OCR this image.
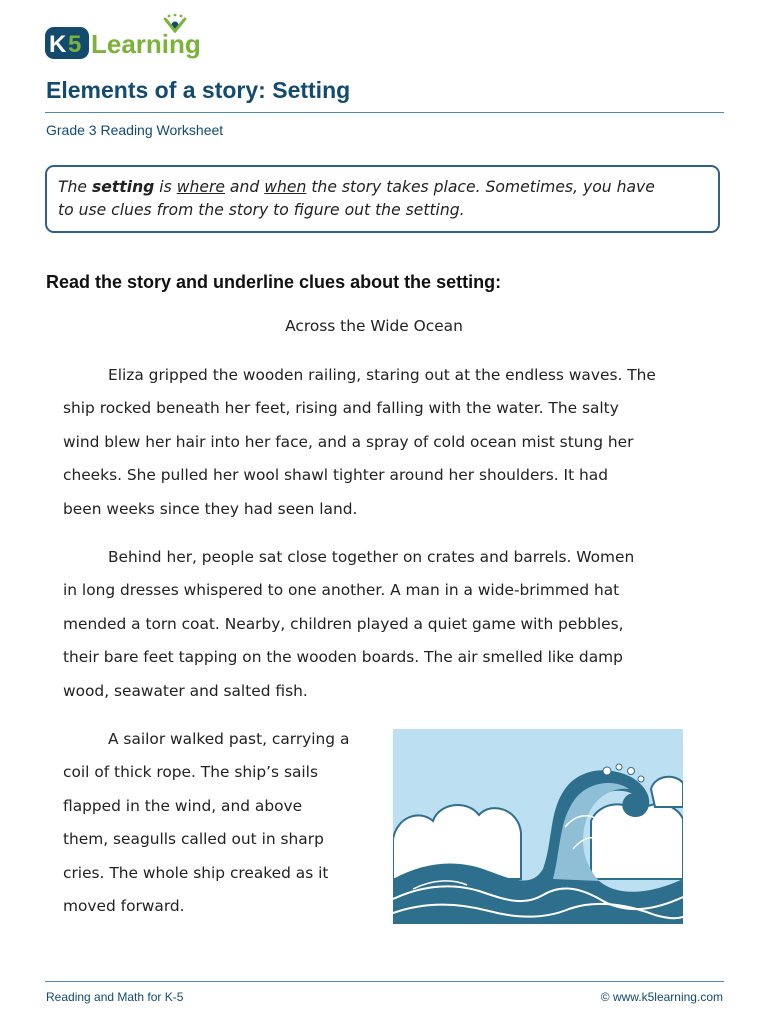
K 5 Learning
Elements of a story: Setting
Grade 3 Reading Worksheet
The setting is where and when the story takes place. Sometimes, you have
to use clues from the story to figure out the setting.
Read the story and underline clues about the setting:
Across the Wide Ocean

Eliza gripped the wooden railing, staring out at the endless waves. The
ship rocked beneath her feet, rising and falling with the water. The salty
wind blew her hair into her face, and a spray of cold ocean mist stung her
cheeks. She pulled her wool shawl tighter around her shoulders. It had
been weeks since they had seen land.

Behind her, people sat close together on crates and barrels. Women
in long dresses whispered to one another. A man in a wide-brimmed hat
mended a torn coat. Nearby, children played a quiet game with pebbles,
their bare feet tapping on the wooden boards. The air smelled like damp
wood, seawater and salted fish.

A sailor walked past, carrying a
coil of thick rope. The ship’s sails
flapped in the wind, and above
them, seagulls called out in sharp
cries. The whole ship creaked as it
moved forward.

Reading and Math for K-5	© www.k5learning.com
